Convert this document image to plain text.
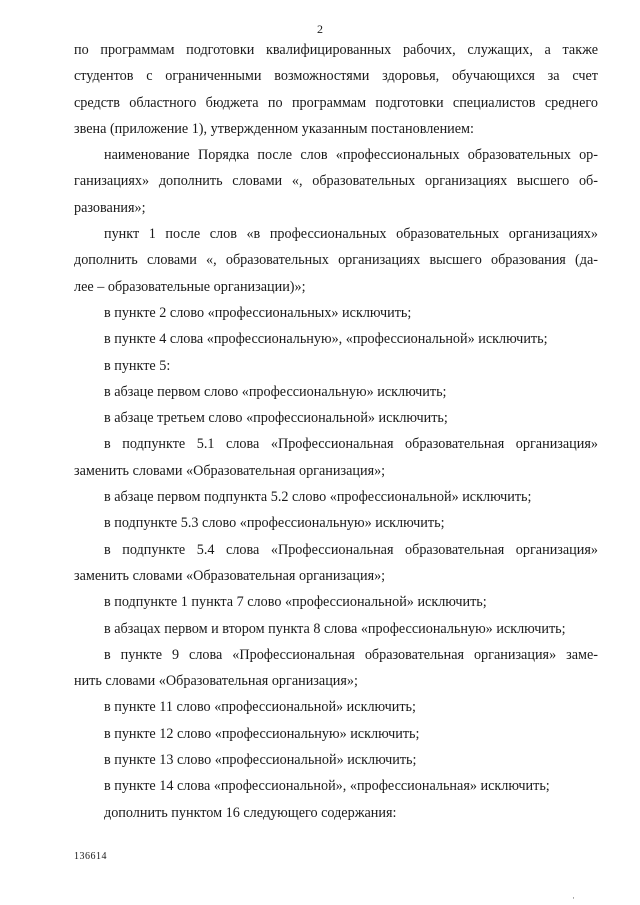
2
по программам подготовки квалифицированных рабочих, служащих, а также
студентов с ограниченными возможностями здоровья, обучающихся за счет
средств областного бюджета по программам подготовки специалистов среднего
звена (приложение 1), утвержденном указанным постановлением:
наименование Порядка после слов «профессиональных образовательных ор-
ганизациях» дополнить словами «, образовательных организациях высшего об-
разования»;
пункт 1 после слов «в профессиональных образовательных организациях»
дополнить словами «, образовательных организациях высшего образования (да-
лее – образовательные организации)»;
в пункте 2 слово «профессиональных» исключить;
в пункте 4 слова «профессиональную», «профессиональной» исключить;
в пункте 5:
в абзаце первом слово «профессиональную» исключить;
в абзаце третьем слово «профессиональной» исключить;
в подпункте 5.1 слова «Профессиональная образовательная организация»
заменить словами «Образовательная организация»;
в абзаце первом подпункта 5.2 слово «профессиональной» исключить;
в подпункте 5.3 слово «профессиональную» исключить;
в подпункте 5.4 слова «Профессиональная образовательная организация»
заменить словами «Образовательная организация»;
в подпункте 1 пункта 7 слово «профессиональной» исключить;
в абзацах первом и втором пункта 8 слова «профессиональную» исключить;
в пункте 9 слова «Профессиональная образовательная организация» заме-
нить словами «Образовательная организация»;
в пункте 11 слово «профессиональной» исключить;
в пункте 12 слово «профессиональную» исключить;
в пункте 13 слово «профессиональной» исключить;
в пункте 14 слова «профессиональной», «профессиональная» исключить;
дополнить пунктом 16 следующего содержания:
136614
·
